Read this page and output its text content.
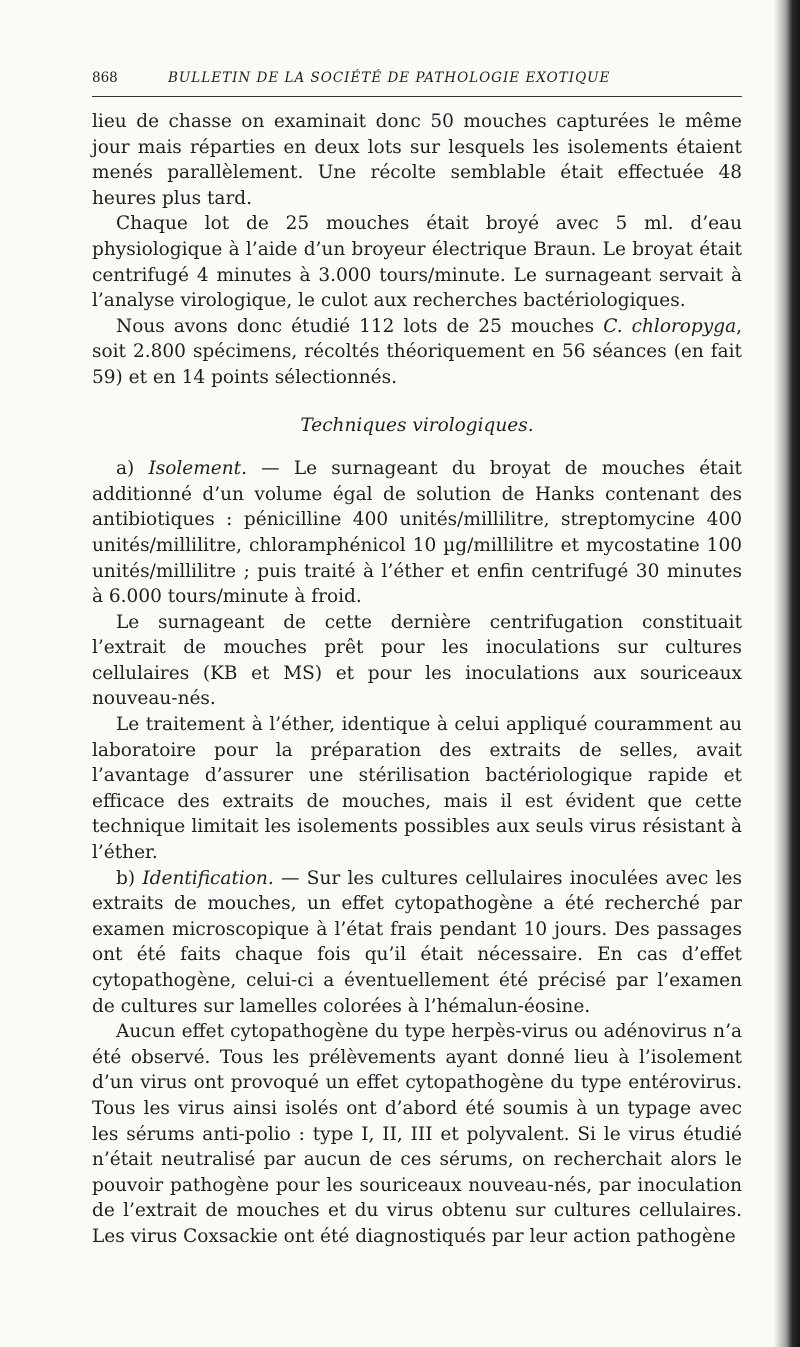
868	BULLETIN DE LA SOCIÉTÉ DE PATHOLOGIE EXOTIQUE

lieu de chasse on examinait donc 50 mouches capturées le même jour mais réparties en deux lots sur lesquels les isolements étaient menés parallèlement. Une récolte semblable était effectuée 48 heures plus tard.

Chaque lot de 25 mouches était broyé avec 5 ml. d’eau physiologique à l’aide d’un broyeur électrique Braun. Le broyat était centrifugé 4 minutes à 3.000 tours/minute. Le surnageant servait à l’analyse virologique, le culot aux recherches bactériologiques.

Nous avons donc étudié 112 lots de 25 mouches C. chloropyga, soit 2.800 spécimens, récoltés théoriquement en 56 séances (en fait 59) et en 14 points sélectionnés.

Techniques virologiques.

a) Isolement. — Le surnageant du broyat de mouches était additionné d’un volume égal de solution de Hanks contenant des antibiotiques : pénicilline 400 unités/millilitre, streptomycine 400 unités/millilitre, chloramphénicol 10 µg/millilitre et mycostatine 100 unités/millilitre ; puis traité à l’éther et enfin centrifugé 30 minutes à 6.000 tours/minute à froid.

Le surnageant de cette dernière centrifugation constituait l’extrait de mouches prêt pour les inoculations sur cultures cellulaires (KB et MS) et pour les inoculations aux souriceaux nouveau-nés.

Le traitement à l’éther, identique à celui appliqué couramment au laboratoire pour la préparation des extraits de selles, avait l’avantage d’assurer une stérilisation bactériologique rapide et efficace des extraits de mouches, mais il est évident que cette technique limitait les isolements possibles aux seuls virus résistant à l’éther.

b) Identification. — Sur les cultures cellulaires inoculées avec les extraits de mouches, un effet cytopathogène a été recherché par examen microscopique à l’état frais pendant 10 jours. Des passages ont été faits chaque fois qu’il était nécessaire. En cas d’effet cytopathogène, celui-ci a éventuellement été précisé par l’examen de cultures sur lamelles colorées à l’hémalun-éosine.

Aucun effet cytopathogène du type herpès-virus ou adénovirus n’a été observé. Tous les prélèvements ayant donné lieu à l’isolement d’un virus ont provoqué un effet cytopathogène du type entérovirus. Tous les virus ainsi isolés ont d’abord été soumis à un typage avec les sérums anti-polio : type I, II, III et polyvalent. Si le virus étudié n’était neutralisé par aucun de ces sérums, on recherchait alors le pouvoir pathogène pour les souriceaux nouveau-nés, par inoculation de l’extrait de mouches et du virus obtenu sur cultures cellulaires. Les virus Coxsackie ont été diagnostiqués par leur action pathogène
